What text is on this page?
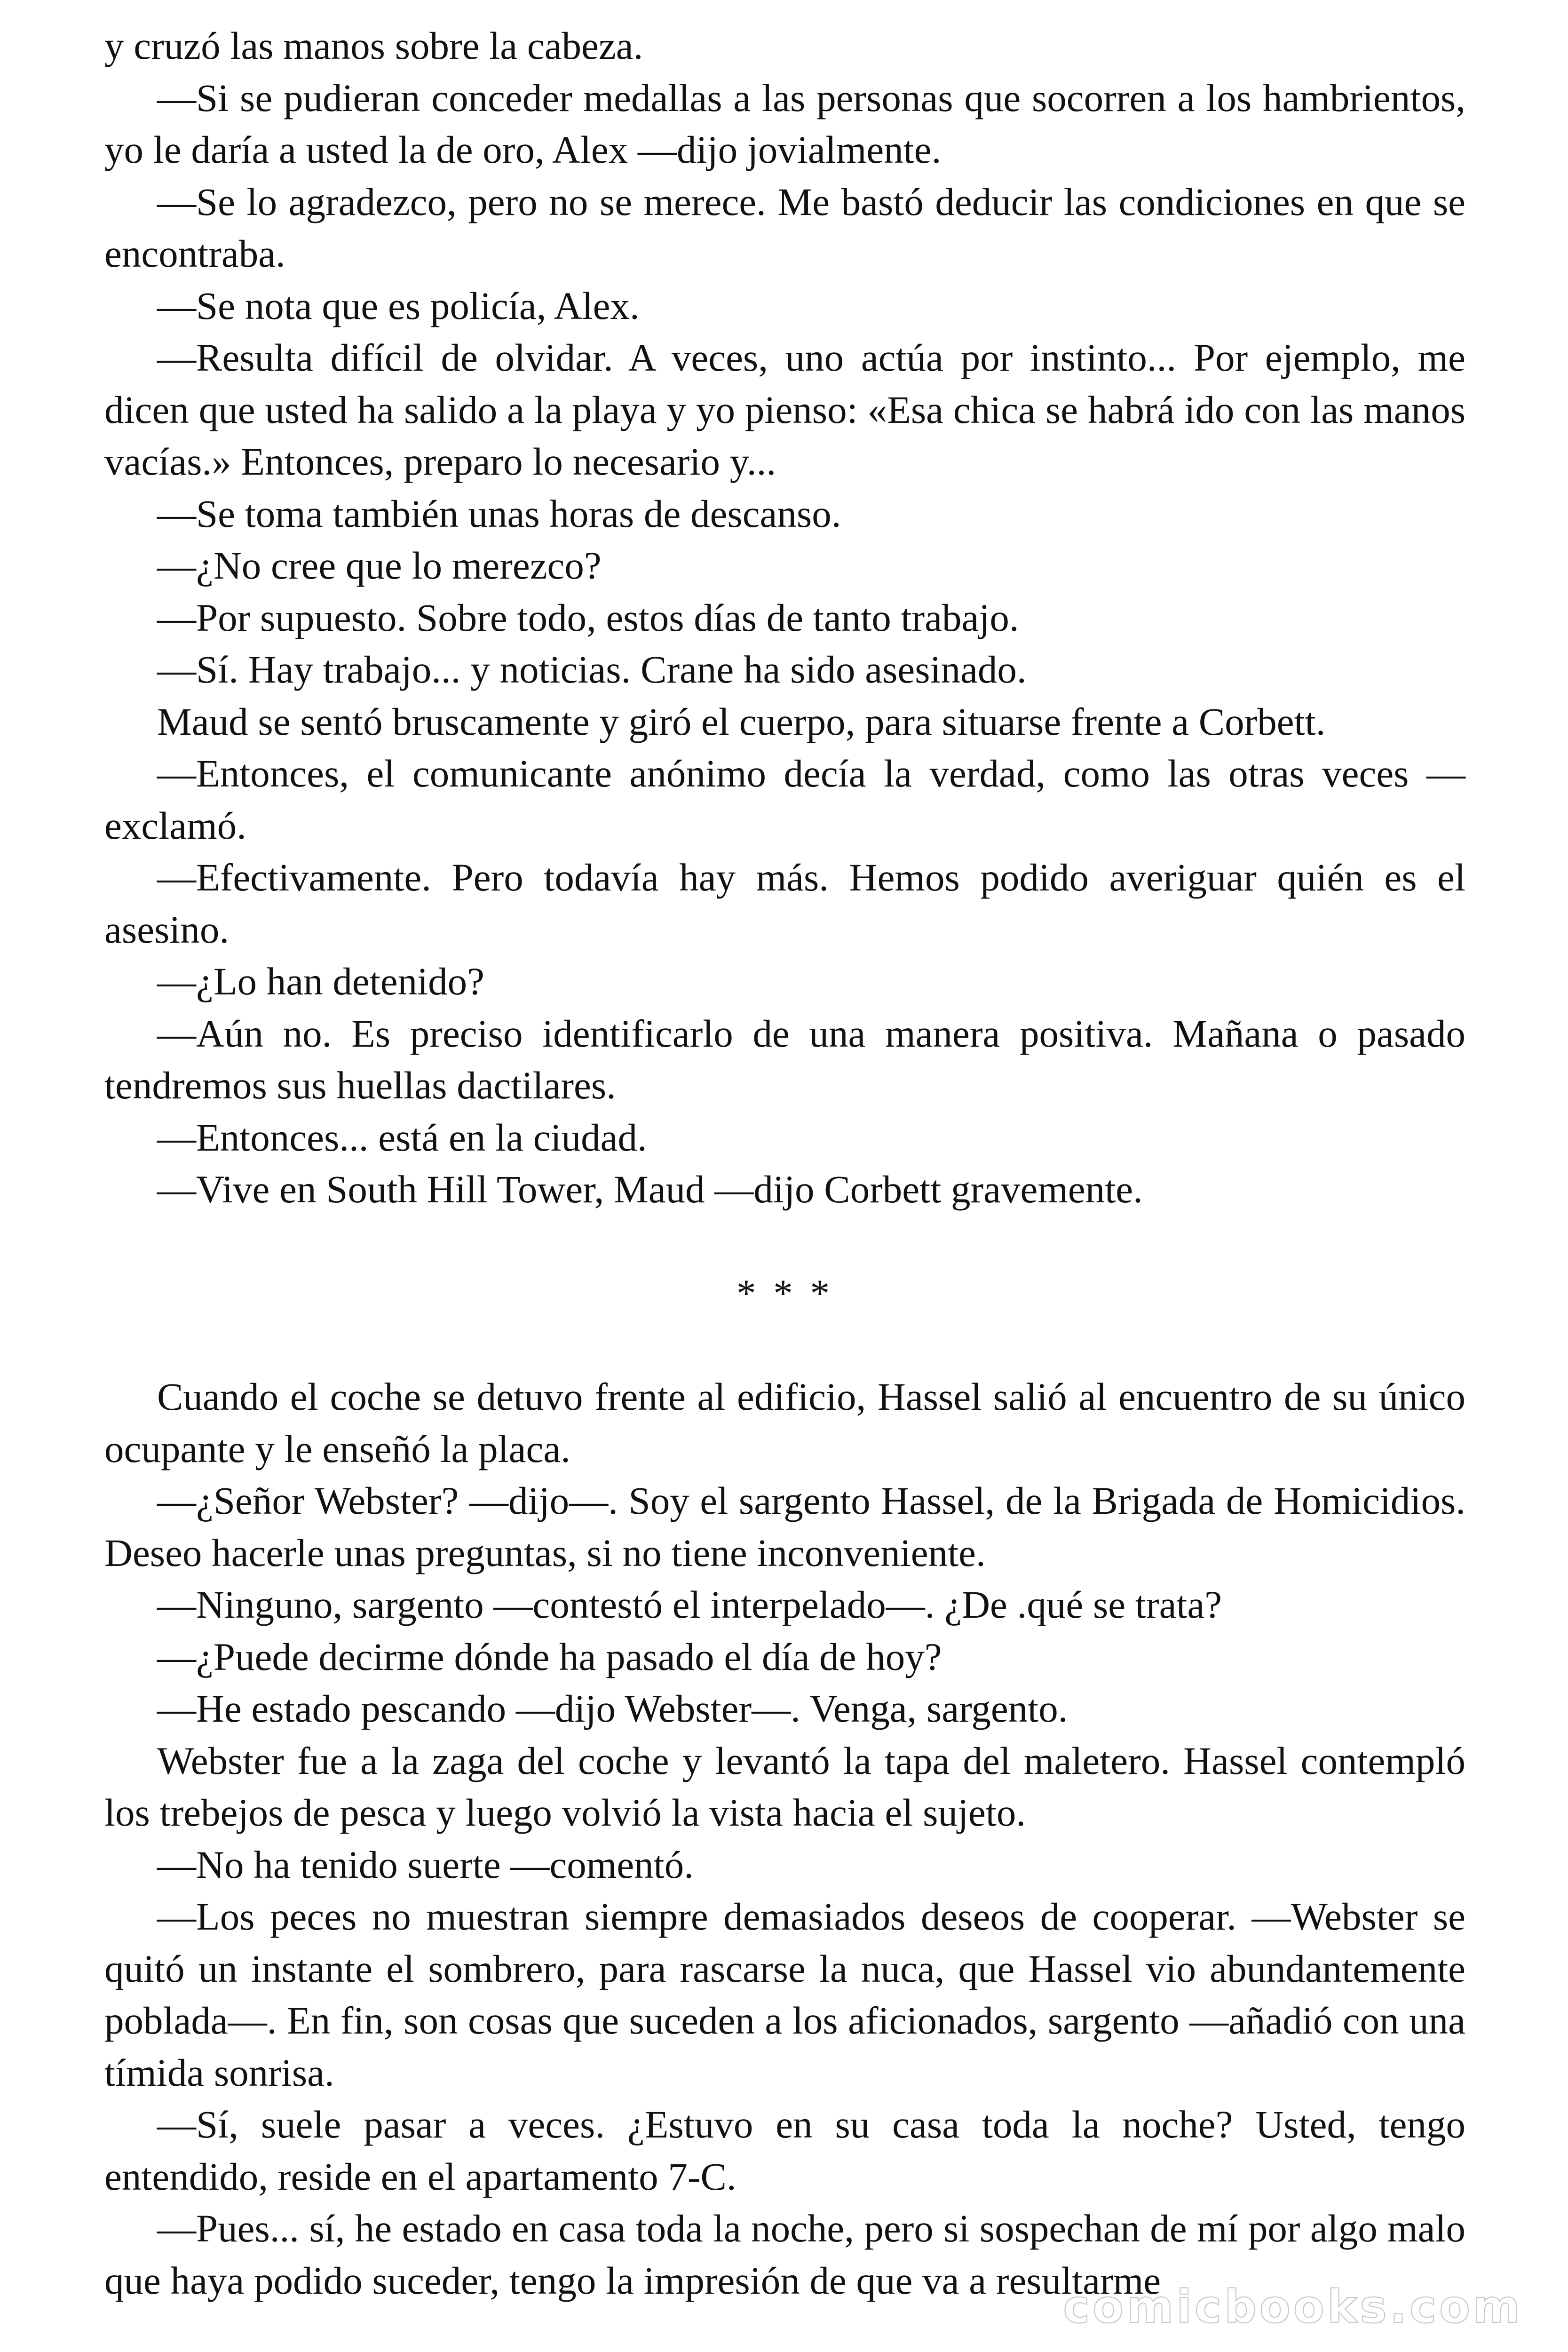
y cruzó las manos sobre la cabeza.

—Si se pudieran conceder medallas a las personas que socorren a los hambrientos, yo le daría a usted la de oro, Alex —dijo jovialmente.

—Se lo agradezco, pero no se merece. Me bastó deducir las condiciones en que se encontraba.

—Se nota que es policía, Alex.

—Resulta difícil de olvidar. A veces, uno actúa por instinto... Por ejemplo, me dicen que usted ha salido a la playa y yo pienso: «Esa chica se habrá ido con las manos vacías.» Entonces, preparo lo necesario y...

—Se toma también unas horas de descanso.

—¿No cree que lo merezco?

—Por supuesto. Sobre todo, estos días de tanto trabajo.

—Sí. Hay trabajo... y noticias. Crane ha sido asesinado.

Maud se sentó bruscamente y giró el cuerpo, para situarse frente a Corbett.

—Entonces, el comunicante anónimo decía la verdad, como las otras veces —exclamó.

—Efectivamente. Pero todavía hay más. Hemos podido averiguar quién es el asesino.

—¿Lo han detenido?

—Aún no. Es preciso identificarlo de una manera positiva. Mañana o pasado tendremos sus huellas dactilares.

—Entonces... está en la ciudad.

—Vive en South Hill Tower, Maud —dijo Corbett gravemente.

* * *

Cuando el coche se detuvo frente al edificio, Hassel salió al encuentro de su único ocupante y le enseñó la placa.

—¿Señor Webster? —dijo—. Soy el sargento Hassel, de la Brigada de Homicidios. Deseo hacerle unas preguntas, si no tiene inconveniente.

—Ninguno, sargento —contestó el interpelado—. ¿De .qué se trata?

—¿Puede decirme dónde ha pasado el día de hoy?

—He estado pescando —dijo Webster—. Venga, sargento.

Webster fue a la zaga del coche y levantó la tapa del maletero. Hassel contempló los trebejos de pesca y luego volvió la vista hacia el sujeto.

—No ha tenido suerte —comentó.

—Los peces no muestran siempre demasiados deseos de cooperar. —Webster se quitó un instante el sombrero, para rascarse la nuca, que Hassel vio abundantemente poblada—. En fin, son cosas que suceden a los aficionados, sargento —añadió con una tímida sonrisa.

—Sí, suele pasar a veces. ¿Estuvo en su casa toda la noche? Usted, tengo entendido, reside en el apartamento 7-C.

—Pues... sí, he estado en casa toda la noche, pero si sospechan de mí por algo malo que haya podido suceder, tengo la impresión de que va a resultarme

comicbooks.com
